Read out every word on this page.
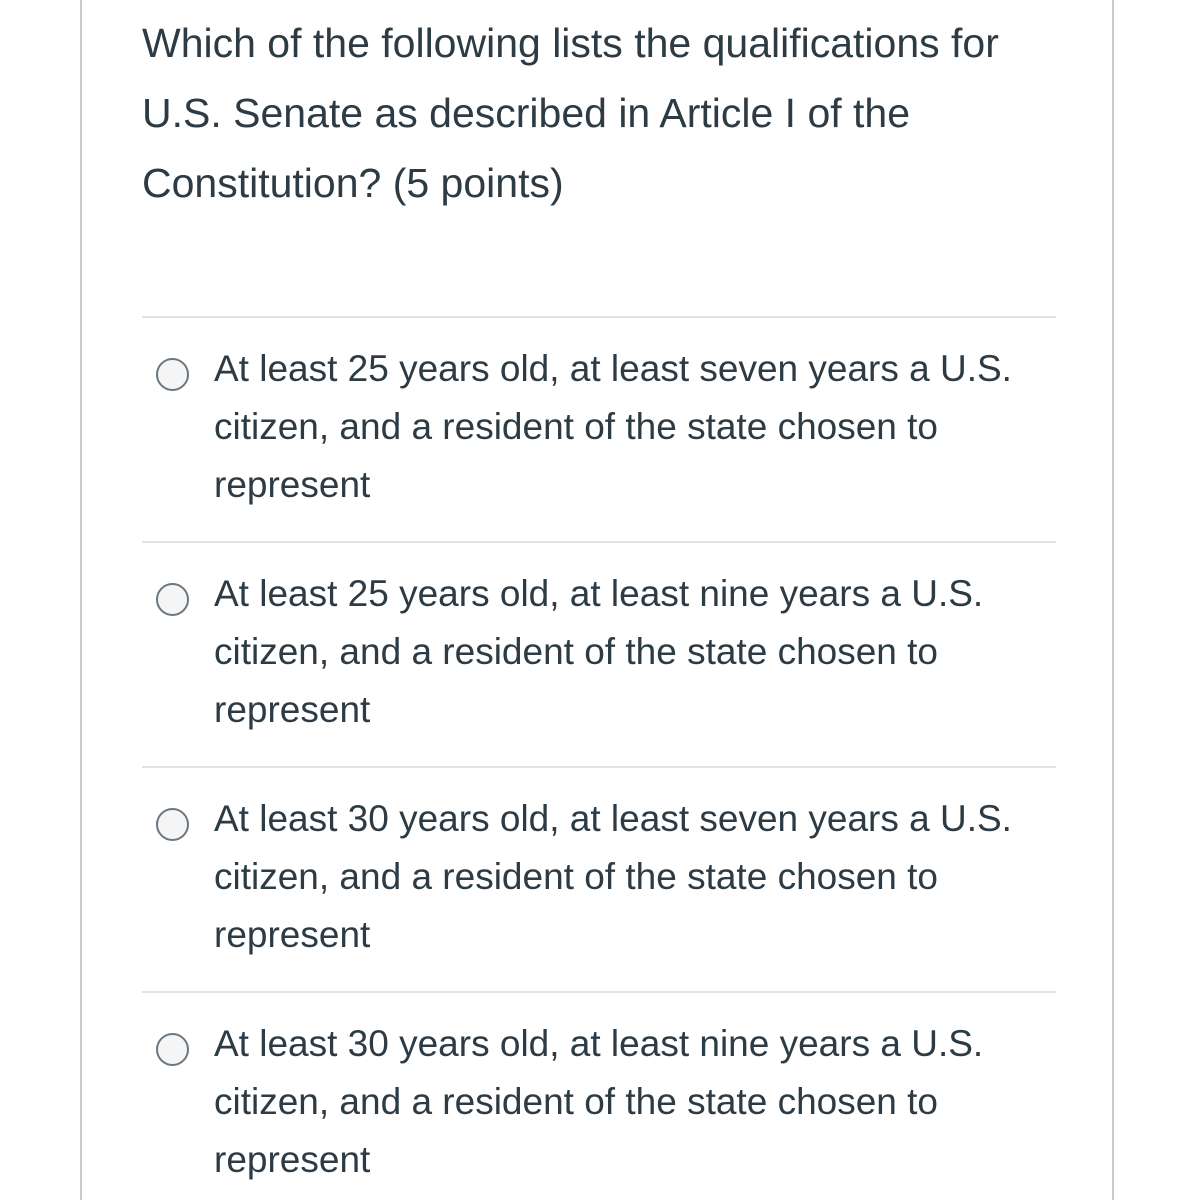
Which of the following lists the qualifications for U.S. Senate as described in Article I of the Constitution? (5 points)
At least 25 years old, at least seven years a U.S. citizen, and a resident of the state chosen to represent
At least 25 years old, at least nine years a U.S. citizen, and a resident of the state chosen to represent
At least 30 years old, at least seven years a U.S. citizen, and a resident of the state chosen to represent
At least 30 years old, at least nine years a U.S. citizen, and a resident of the state chosen to represent
